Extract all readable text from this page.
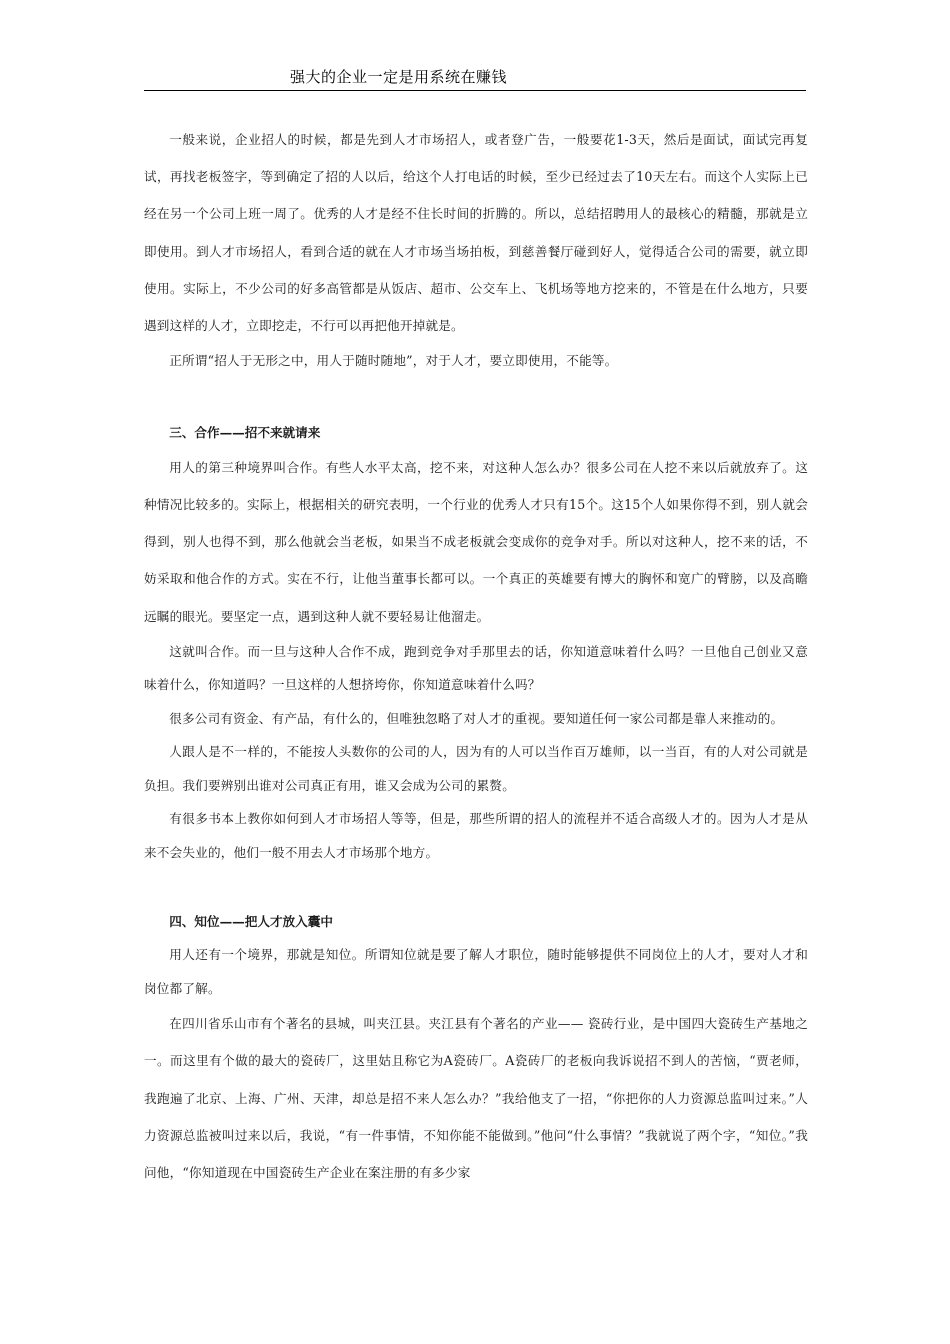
强大的企业一定是用系统在赚钱

一般来说，企业招人的时候，都是先到人才市场招人，或者登广告，一般要花1-3天，然后是面试，面试完再复试，再找老板签字，等到确定了招的人以后，给这个人打电话的时候，至少已经过去了10天左右。而这个人实际上已经在另一个公司上班一周了。优秀的人才是经不住长时间的折腾的。所以，总结招聘用人的最核心的精髓，那就是立即使用。到人才市场招人，看到合适的就在人才市场当场拍板，到慈善餐厅碰到好人，觉得适合公司的需要，就立即使用。实际上，不少公司的好多高管都是从饭店、超市、公交车上、飞机场等地方挖来的，不管是在什么地方，只要遇到这样的人才，立即挖走，不行可以再把他开掉就是。

正所谓“招人于无形之中，用人于随时随地”，对于人才，要立即使用，不能等。

三、合作——招不来就请来

用人的第三种境界叫合作。有些人水平太高，挖不来，对这种人怎么办？很多公司在人挖不来以后就放弃了。这种情况比较多的。实际上，根据相关的研究表明，一个行业的优秀人才只有15个。这15个人如果你得不到，别人就会得到，别人也得不到，那么他就会当老板，如果当不成老板就会变成你的竞争对手。所以对这种人，挖不来的话，不妨采取和他合作的方式。实在不行，让他当董事长都可以。一个真正的英雄要有博大的胸怀和宽广的臂膀，以及高瞻远瞩的眼光。要坚定一点，遇到这种人就不要轻易让他溜走。

这就叫合作。而一旦与这种人合作不成，跑到竞争对手那里去的话，你知道意味着什么吗？一旦他自己创业又意味着什么，你知道吗？一旦这样的人想挤垮你，你知道意味着什么吗？

很多公司有资金、有产品，有什么的，但唯独忽略了对人才的重视。要知道任何一家公司都是靠人来推动的。

人跟人是不一样的，不能按人头数你的公司的人，因为有的人可以当作百万雄师，以一当百，有的人对公司就是负担。我们要辨别出谁对公司真正有用，谁又会成为公司的累赘。

有很多书本上教你如何到人才市场招人等等，但是，那些所谓的招人的流程并不适合高级人才的。因为人才是从来不会失业的，他们一般不用去人才市场那个地方。

四、知位——把人才放入囊中

用人还有一个境界，那就是知位。所谓知位就是要了解人才职位，随时能够提供不同岗位上的人才，要对人才和岗位都了解。

在四川省乐山市有个著名的县城，叫夹江县。夹江县有个著名的产业—— 瓷砖行业，是中国四大瓷砖生产基地之一。而这里有个做的最大的瓷砖厂，这里姑且称它为A瓷砖厂。A瓷砖厂的老板向我诉说招不到人的苦恼，“贾老师，我跑遍了北京、上海、广州、天津，却总是招不来人怎么办？”我给他支了一招，“你把你的人力资源总监叫过来。”人力资源总监被叫过来以后，我说，“有一件事情，不知你能不能做到。”他问“什么事情？”我就说了两个字，“知位。”我问他，“你知道现在中国瓷砖生产企业在案注册的有多少家
